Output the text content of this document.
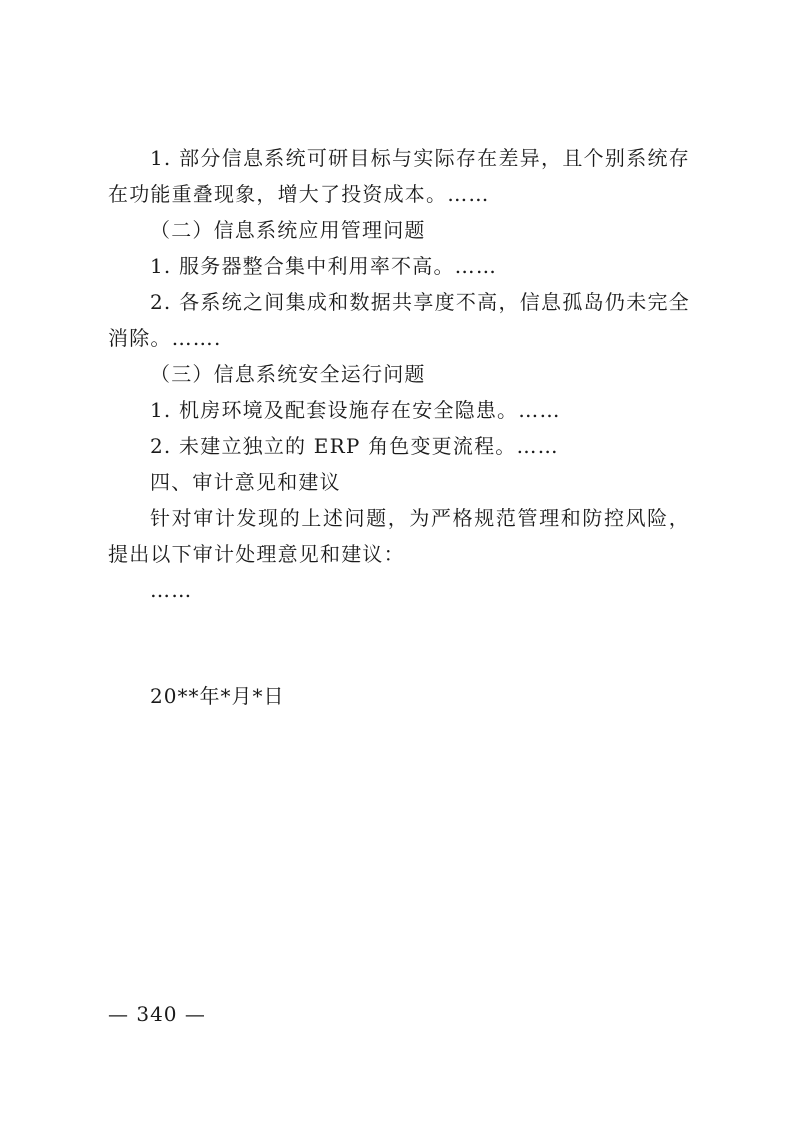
1. 部分信息系统可研目标与实际存在差异，且个别系统存在功能重叠现象，增大了投资成本。……

（二）信息系统应用管理问题

1. 服务器整合集中利用率不高。……

2. 各系统之间集成和数据共享度不高，信息孤岛仍未完全消除。…….

（三）信息系统安全运行问题

1. 机房环境及配套设施存在安全隐患。……

2. 未建立独立的 ERP 角色变更流程。……

四、审计意见和建议

针对审计发现的上述问题，为严格规范管理和防控风险，提出以下审计处理意见和建议：

……

20**年*月*日

— 340 —
